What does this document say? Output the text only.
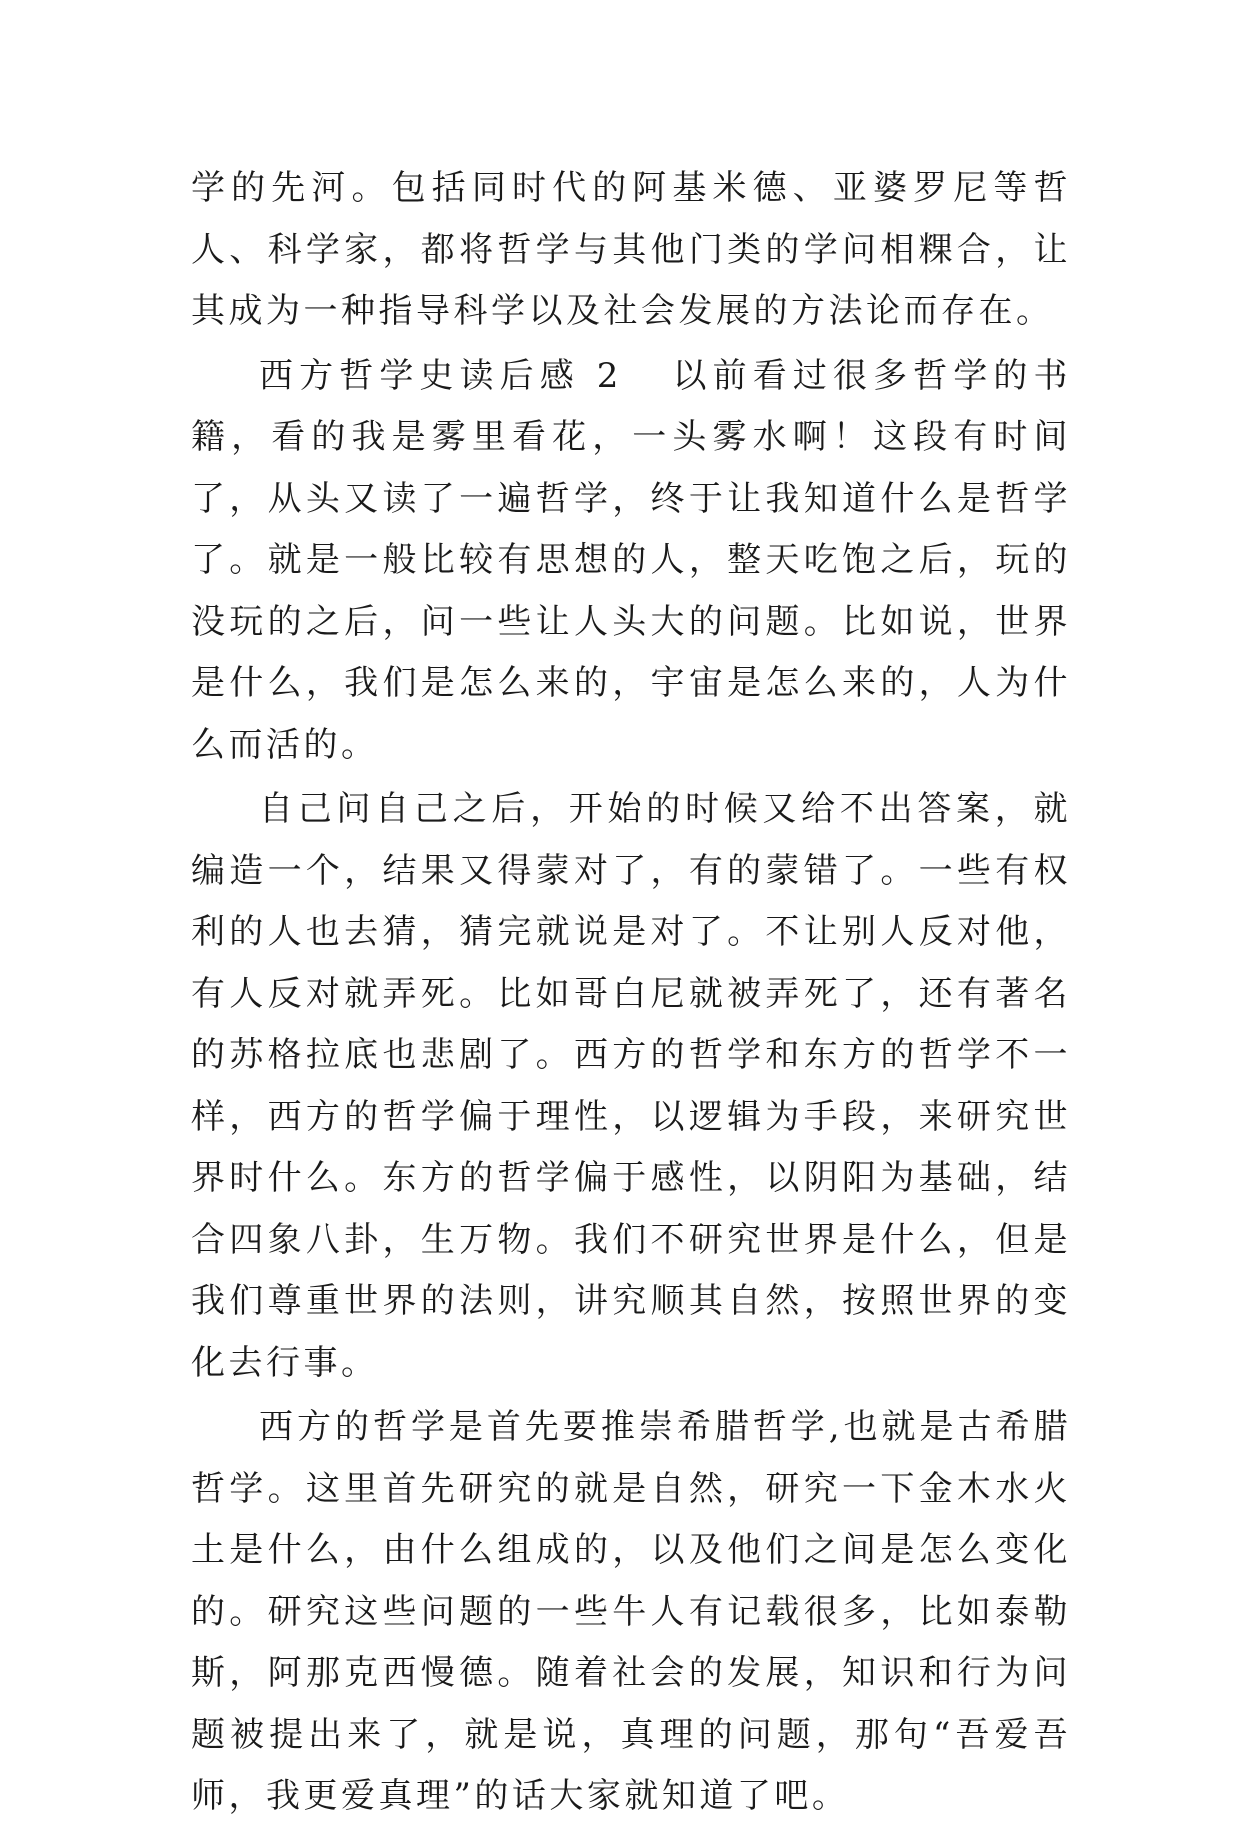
学的先河。包括同时代的阿基米德、亚婆罗尼等哲人、科学家，都将哲学与其他门类的学问相粿合，让其成为一种指导科学以及社会发展的方法论而存在。

西方哲学史读后感 2 以前看过很多哲学的书籍，看的我是雾里看花，一头雾水啊！这段有时间了，从头又读了一遍哲学，终于让我知道什么是哲学了。就是一般比较有思想的人，整天吃饱之后，玩的没玩的之后，问一些让人头大的问题。比如说，世界是什么，我们是怎么来的，宇宙是怎么来的，人为什么而活的。

自己问自己之后，开始的时候又给不出答案，就编造一个，结果又得蒙对了，有的蒙错了。一些有权利的人也去猜，猜完就说是对了。不让别人反对他，有人反对就弄死。比如哥白尼就被弄死了，还有著名的苏格拉底也悲剧了。西方的哲学和东方的哲学不一样，西方的哲学偏于理性，以逻辑为手段，来研究世界时什么。东方的哲学偏于感性，以阴阳为基础，结合四象八卦，生万物。我们不研究世界是什么，但是我们尊重世界的法则，讲究顺其自然，按照世界的变化去行事。

西方的哲学是首先要推崇希腊哲学,也就是古希腊哲学。这里首先研究的就是自然，研究一下金木水火土是什么，由什么组成的，以及他们之间是怎么变化的。研究这些问题的一些牛人有记载很多，比如泰勒斯，阿那克西慢德。随着社会的发展，知识和行为问题被提出来了，就是说，真理的问题，那句“吾爱吾师，我更爱真理”的话大家就知道了吧。
